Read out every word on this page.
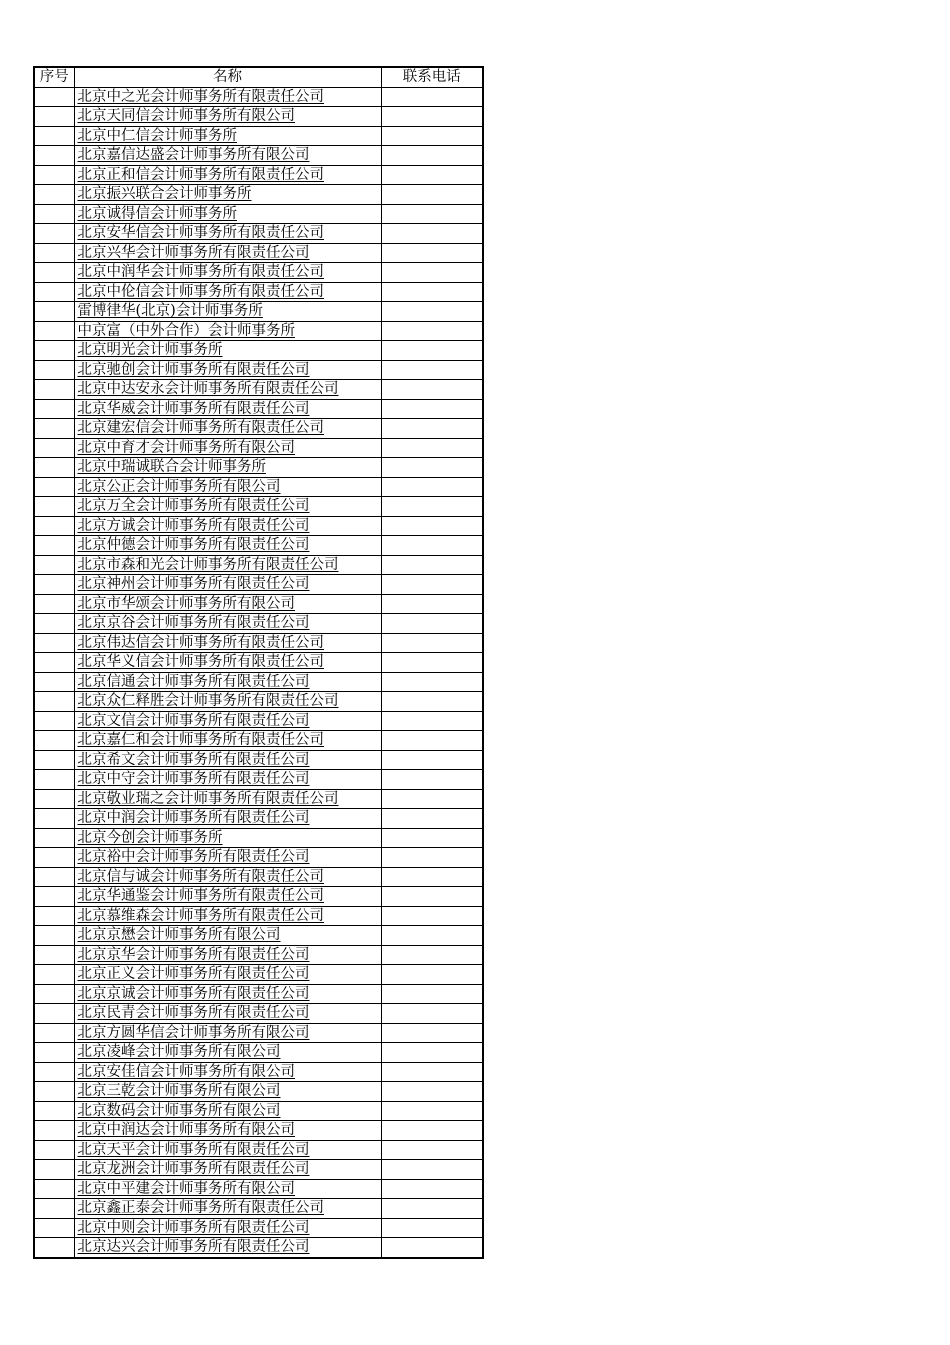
序号	名称	联系电话
	北京中之光会计师事务所有限责任公司	
	北京天同信会计师事务所有限公司	
	北京中仁信会计师事务所	
	北京嘉信达盛会计师事务所有限公司	
	北京正和信会计师事务所有限责任公司	
	北京振兴联合会计师事务所	
	北京诚得信会计师事务所	
	北京安华信会计师事务所有限责任公司	
	北京兴华会计师事务所有限责任公司	
	北京中润华会计师事务所有限责任公司	
	北京中伦信会计师事务所有限责任公司	
	雷博律华(北京)会计师事务所	
	中京富（中外合作）会计师事务所	
	北京明光会计师事务所	
	北京驰创会计师事务所有限责任公司	
	北京中达安永会计师事务所有限责任公司	
	北京华威会计师事务所有限责任公司	
	北京建宏信会计师事务所有限责任公司	
	北京中育才会计师事务所有限公司	
	北京中瑞诚联合会计师事务所	
	北京公正会计师事务所有限公司	
	北京万全会计师事务所有限责任公司	
	北京方诚会计师事务所有限责任公司	
	北京仲德会计师事务所有限责任公司	
	北京市森和光会计师事务所有限责任公司	
	北京神州会计师事务所有限责任公司	
	北京市华颂会计师事务所有限公司	
	北京京谷会计师事务所有限责任公司	
	北京伟达信会计师事务所有限责任公司	
	北京华义信会计师事务所有限责任公司	
	北京信通会计师事务所有限责任公司	
	北京众仁释胜会计师事务所有限责任公司	
	北京文信会计师事务所有限责任公司	
	北京嘉仁和会计师事务所有限责任公司	
	北京希文会计师事务所有限责任公司	
	北京中守会计师事务所有限责任公司	
	北京敬业瑞之会计师事务所有限责任公司	
	北京中润会计师事务所有限责任公司	
	北京今创会计师事务所	
	北京裕中会计师事务所有限责任公司	
	北京信与诚会计师事务所有限责任公司	
	北京华通鉴会计师事务所有限责任公司	
	北京慕维森会计师事务所有限责任公司	
	北京京懋会计师事务所有限公司	
	北京京华会计师事务所有限责任公司	
	北京正义会计师事务所有限责任公司	
	北京京诚会计师事务所有限责任公司	
	北京民青会计师事务所有限责任公司	
	北京方圆华信会计师事务所有限公司	
	北京凌峰会计师事务所有限公司	
	北京安佳信会计师事务所有限公司	
	北京三乾会计师事务所有限公司	
	北京数码会计师事务所有限公司	
	北京中润达会计师事务所有限公司	
	北京天平会计师事务所有限责任公司	
	北京龙洲会计师事务所有限责任公司	
	北京中平建会计师事务所有限公司	
	北京鑫正泰会计师事务所有限责任公司	
	北京中则会计师事务所有限责任公司	
	北京达兴会计师事务所有限责任公司	
